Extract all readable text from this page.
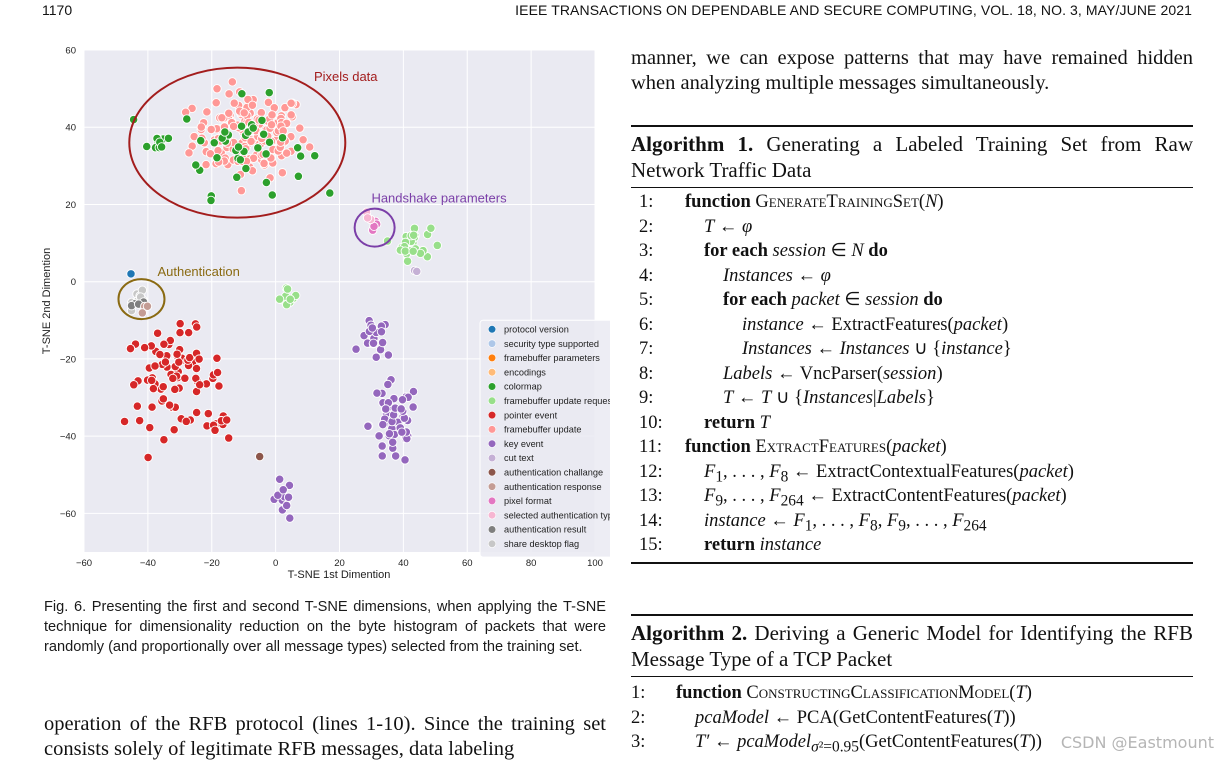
1170	IEEE TRANSACTIONS ON DEPENDABLE AND SECURE COMPUTING, VOL. 18, NO. 3, MAY/JUNE 2021
Pixels data
Handshake parameters
Authentication
−60	−40	−20	0	20	40	60	80	100
−60
−40
−20
0
20
40
60
protocol version
security type supported
framebuffer parameters
encodings
colormap
framebuffer update request
pointer event
framebuffer update
key event
cut text
authentication challange
authentication response
pixel format
selected authentication type
authentication result
share desktop flag
T-SNE 1st Dimention
T-SNE 2nd Dimention
Fig. 6. Presenting the first and second T-SNE dimensions, when applying the T-SNE technique for dimensionality reduction on the byte histogram of packets that were randomly (and proportionally over all message types) selected from the training set.
operation of the RFB protocol (lines 1-10). Since the training set consists solely of legitimate RFB messages, data labeling
manner, we can expose patterns that may have remained hidden when analyzing multiple messages simultaneously.
Algorithm 1. Generating a Labeled Training Set from Raw Network Traffic Data
1:	function GenerateTrainingSet(N)
2:	T ← φ
3:	for each session ∈ N do
4:	Instances ← φ
5:	for each packet ∈ session do
6:	instance ← ExtractFeatures(packet)
7:	Instances ← Instances ∪ {instance}
8:	Labels ← VncParser(session)
9:	T ← T ∪ {Instances|Labels}
10:	return T
11:	function ExtractFeatures(packet)
12:	$F_1$, . . . , $F_8$ ← ExtractContextualFeatures(packet)
13:	$F_9$, . . . , $F_{264}$ ← ExtractContentFeatures(packet)
14:	instance ← $F_1$, . . . , $F_8$, $F_9$, . . . , $F_{264}$
15:	return instance
Algorithm 2. Deriving a Generic Model for Identifying the RFB Message Type of a TCP Packet
1:	function ConstructingClassificationModel(T)
2:	pcaModel ← PCA(GetContentFeatures(T))
3:	T′ ← pcaModel$_{\sigma^2=0.95}$(GetContentFeatures(T)) CSDN @Eastmount
